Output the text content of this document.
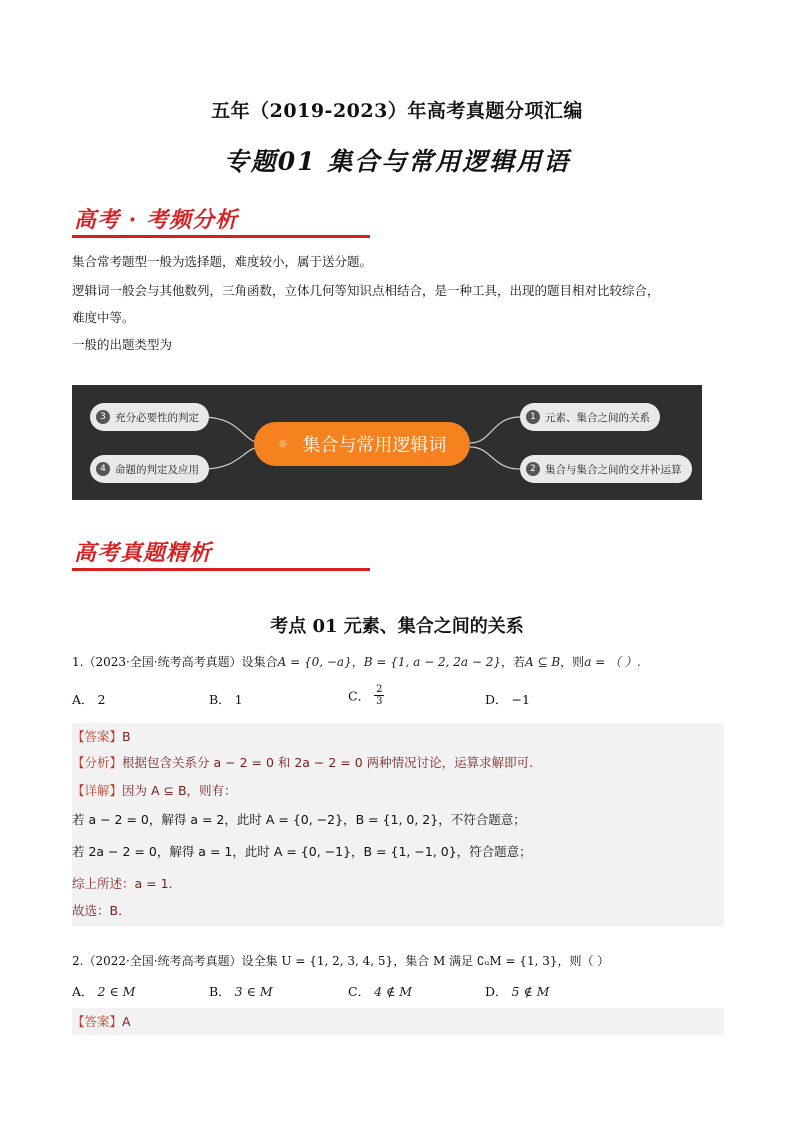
五年（2019-2023）年高考真题分项汇编
专题01 集合与常用逻辑用语
高考 · 考频分析
集合常考题型一般为选择题，难度较小，属于送分题。
逻辑词一般会与其他数列，三角函数，立体几何等知识点相结合，是一种工具，出现的题目相对比较综合，
难度中等。
一般的出题类型为
☼ 集合与常用逻辑词
3 充分必要性的判定
4 命题的判定及应用
1 元素、集合之间的关系
2 集合与集合之间的交并补运算
高考真题精析
考点 01 元素、集合之间的关系
1.（2023·全国·统考高考真题）设集合A = {0, −a}，B = {1, a − 2, 2a − 2}，若A ⊆ B，则a = （ ）.
A． 2	B． 1	C． $\frac{2}{3}$	D． −1
【答案】B
【分析】根据包含关系分 a − 2 = 0 和 2a − 2 = 0 两种情况讨论，运算求解即可.
【详解】因为 A ⊆ B，则有：
若 a − 2 = 0，解得 a = 2，此时 A = {0, −2}，B = {1, 0, 2}，不符合题意；
若 2a − 2 = 0，解得 a = 1，此时 A = {0, −1}，B = {1, −1, 0}，符合题意；
综上所述：a = 1.
故选：B.
2.（2022·全国·统考高考真题）设全集 U = {1, 2, 3, 4, 5}，集合 M 满足 ∁ᵤM = {1, 3}，则（ ）
A． 2 ∈ M	B． 3 ∈ M	C． 4 ∉ M	D． 5 ∉ M
【答案】A
